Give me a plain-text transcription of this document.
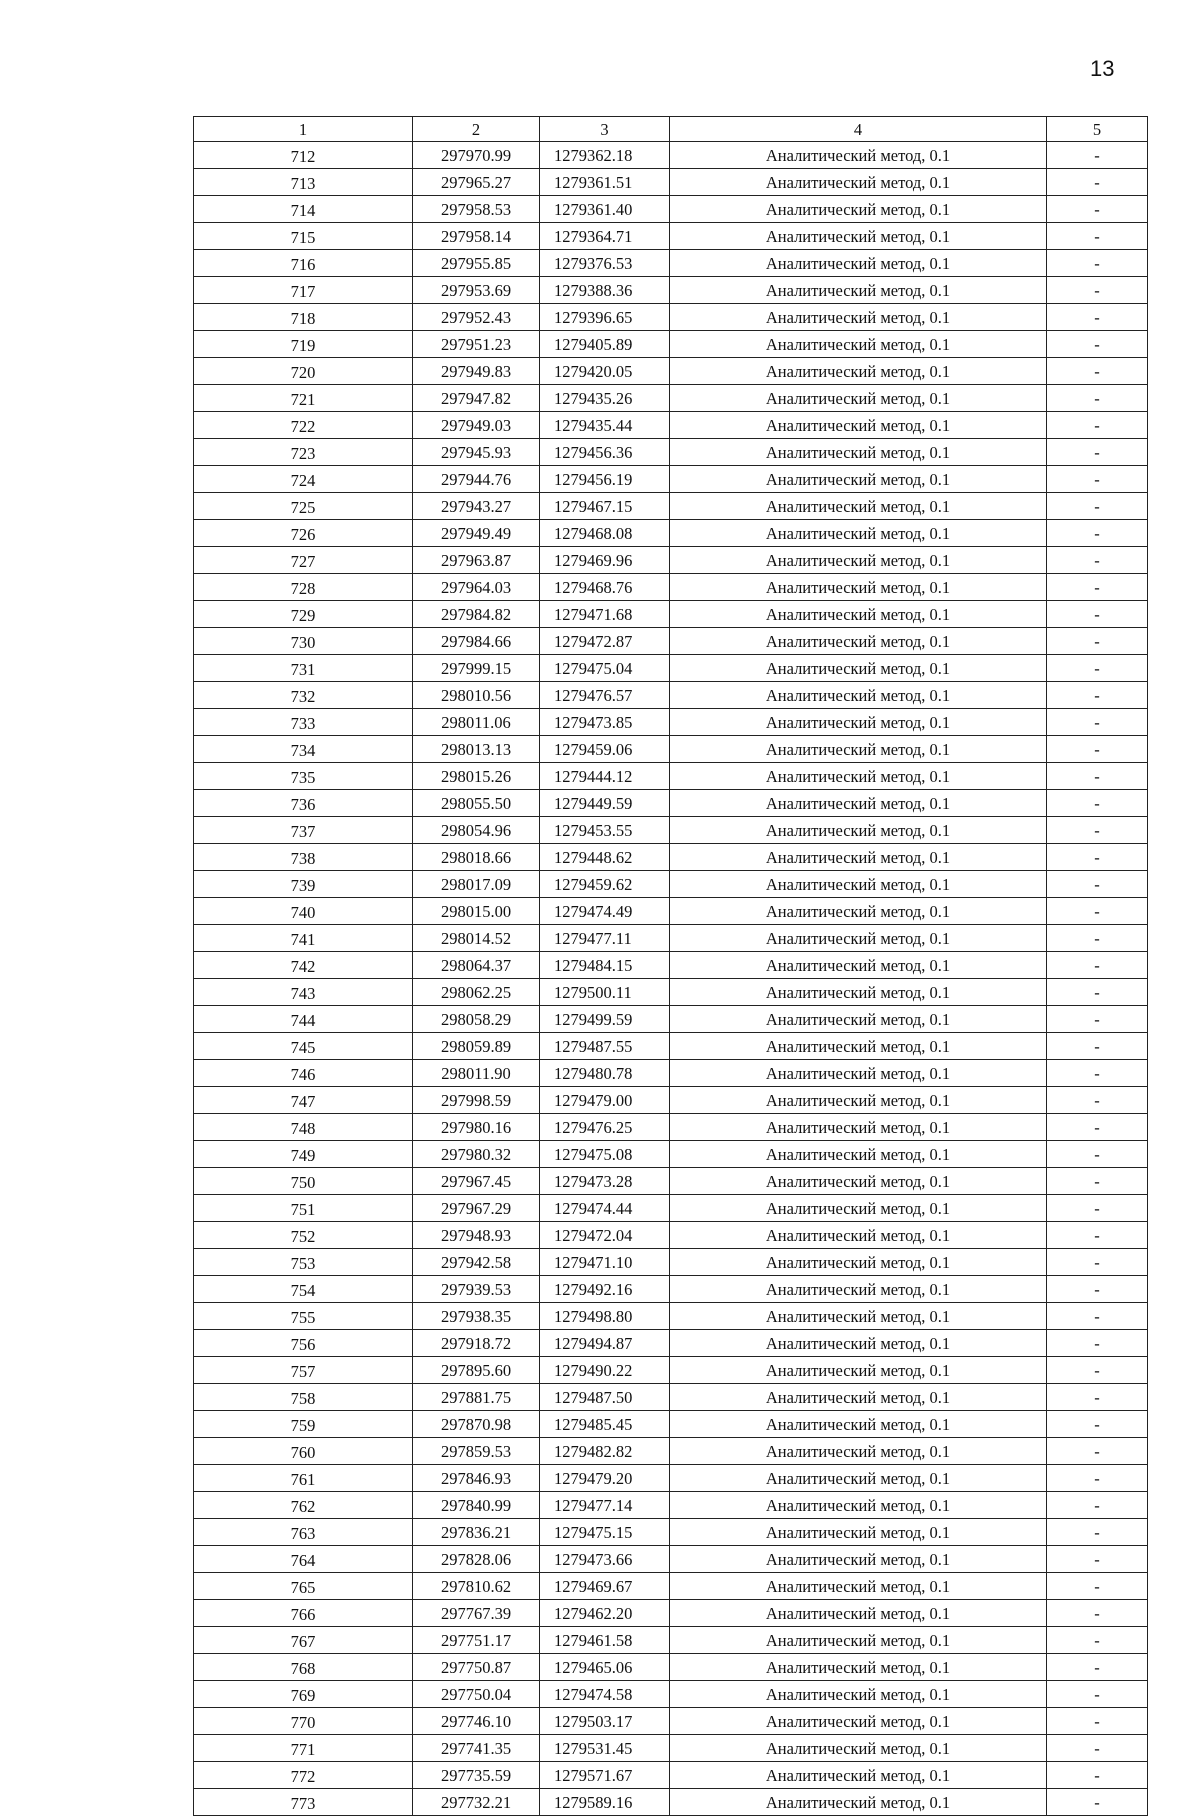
13
1	2	3	4	5
712	297970.99	1279362.18	Аналитический метод, 0.1	-
713	297965.27	1279361.51	Аналитический метод, 0.1	-
714	297958.53	1279361.40	Аналитический метод, 0.1	-
715	297958.14	1279364.71	Аналитический метод, 0.1	-
716	297955.85	1279376.53	Аналитический метод, 0.1	-
717	297953.69	1279388.36	Аналитический метод, 0.1	-
718	297952.43	1279396.65	Аналитический метод, 0.1	-
719	297951.23	1279405.89	Аналитический метод, 0.1	-
720	297949.83	1279420.05	Аналитический метод, 0.1	-
721	297947.82	1279435.26	Аналитический метод, 0.1	-
722	297949.03	1279435.44	Аналитический метод, 0.1	-
723	297945.93	1279456.36	Аналитический метод, 0.1	-
724	297944.76	1279456.19	Аналитический метод, 0.1	-
725	297943.27	1279467.15	Аналитический метод, 0.1	-
726	297949.49	1279468.08	Аналитический метод, 0.1	-
727	297963.87	1279469.96	Аналитический метод, 0.1	-
728	297964.03	1279468.76	Аналитический метод, 0.1	-
729	297984.82	1279471.68	Аналитический метод, 0.1	-
730	297984.66	1279472.87	Аналитический метод, 0.1	-
731	297999.15	1279475.04	Аналитический метод, 0.1	-
732	298010.56	1279476.57	Аналитический метод, 0.1	-
733	298011.06	1279473.85	Аналитический метод, 0.1	-
734	298013.13	1279459.06	Аналитический метод, 0.1	-
735	298015.26	1279444.12	Аналитический метод, 0.1	-
736	298055.50	1279449.59	Аналитический метод, 0.1	-
737	298054.96	1279453.55	Аналитический метод, 0.1	-
738	298018.66	1279448.62	Аналитический метод, 0.1	-
739	298017.09	1279459.62	Аналитический метод, 0.1	-
740	298015.00	1279474.49	Аналитический метод, 0.1	-
741	298014.52	1279477.11	Аналитический метод, 0.1	-
742	298064.37	1279484.15	Аналитический метод, 0.1	-
743	298062.25	1279500.11	Аналитический метод, 0.1	-
744	298058.29	1279499.59	Аналитический метод, 0.1	-
745	298059.89	1279487.55	Аналитический метод, 0.1	-
746	298011.90	1279480.78	Аналитический метод, 0.1	-
747	297998.59	1279479.00	Аналитический метод, 0.1	-
748	297980.16	1279476.25	Аналитический метод, 0.1	-
749	297980.32	1279475.08	Аналитический метод, 0.1	-
750	297967.45	1279473.28	Аналитический метод, 0.1	-
751	297967.29	1279474.44	Аналитический метод, 0.1	-
752	297948.93	1279472.04	Аналитический метод, 0.1	-
753	297942.58	1279471.10	Аналитический метод, 0.1	-
754	297939.53	1279492.16	Аналитический метод, 0.1	-
755	297938.35	1279498.80	Аналитический метод, 0.1	-
756	297918.72	1279494.87	Аналитический метод, 0.1	-
757	297895.60	1279490.22	Аналитический метод, 0.1	-
758	297881.75	1279487.50	Аналитический метод, 0.1	-
759	297870.98	1279485.45	Аналитический метод, 0.1	-
760	297859.53	1279482.82	Аналитический метод, 0.1	-
761	297846.93	1279479.20	Аналитический метод, 0.1	-
762	297840.99	1279477.14	Аналитический метод, 0.1	-
763	297836.21	1279475.15	Аналитический метод, 0.1	-
764	297828.06	1279473.66	Аналитический метод, 0.1	-
765	297810.62	1279469.67	Аналитический метод, 0.1	-
766	297767.39	1279462.20	Аналитический метод, 0.1	-
767	297751.17	1279461.58	Аналитический метод, 0.1	-
768	297750.87	1279465.06	Аналитический метод, 0.1	-
769	297750.04	1279474.58	Аналитический метод, 0.1	-
770	297746.10	1279503.17	Аналитический метод, 0.1	-
771	297741.35	1279531.45	Аналитический метод, 0.1	-
772	297735.59	1279571.67	Аналитический метод, 0.1	-
773	297732.21	1279589.16	Аналитический метод, 0.1	-
